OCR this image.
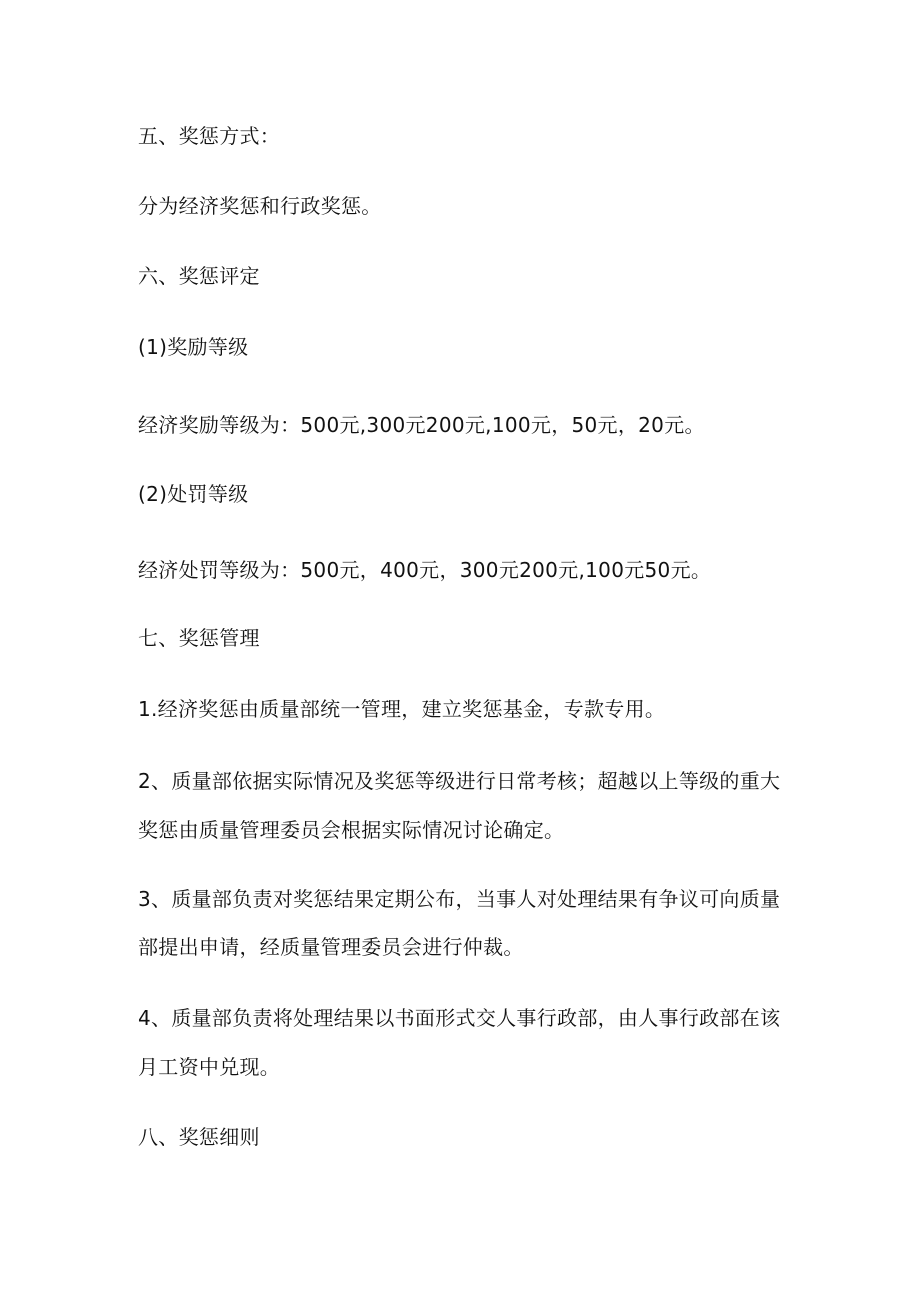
五、奖惩方式：
分为经济奖惩和行政奖惩。
六、奖惩评定
(1)奖励等级
经济奖励等级为：500元,300元200元,100元，50元，20元。
(2)处罚等级
经济处罚等级为：500元，400元，300元200元,100元50元。
七、奖惩管理
1.经济奖惩由质量部统一管理，建立奖惩基金，专款专用。
2、质量部依据实际情况及奖惩等级进行日常考核；超越以上等级的重大
奖惩由质量管理委员会根据实际情况讨论确定。
3、质量部负责对奖惩结果定期公布，当事人对处理结果有争议可向质量
部提出申请，经质量管理委员会进行仲裁。
4、质量部负责将处理结果以书面形式交人事行政部，由人事行政部在该
月工资中兑现。
八、奖惩细则
